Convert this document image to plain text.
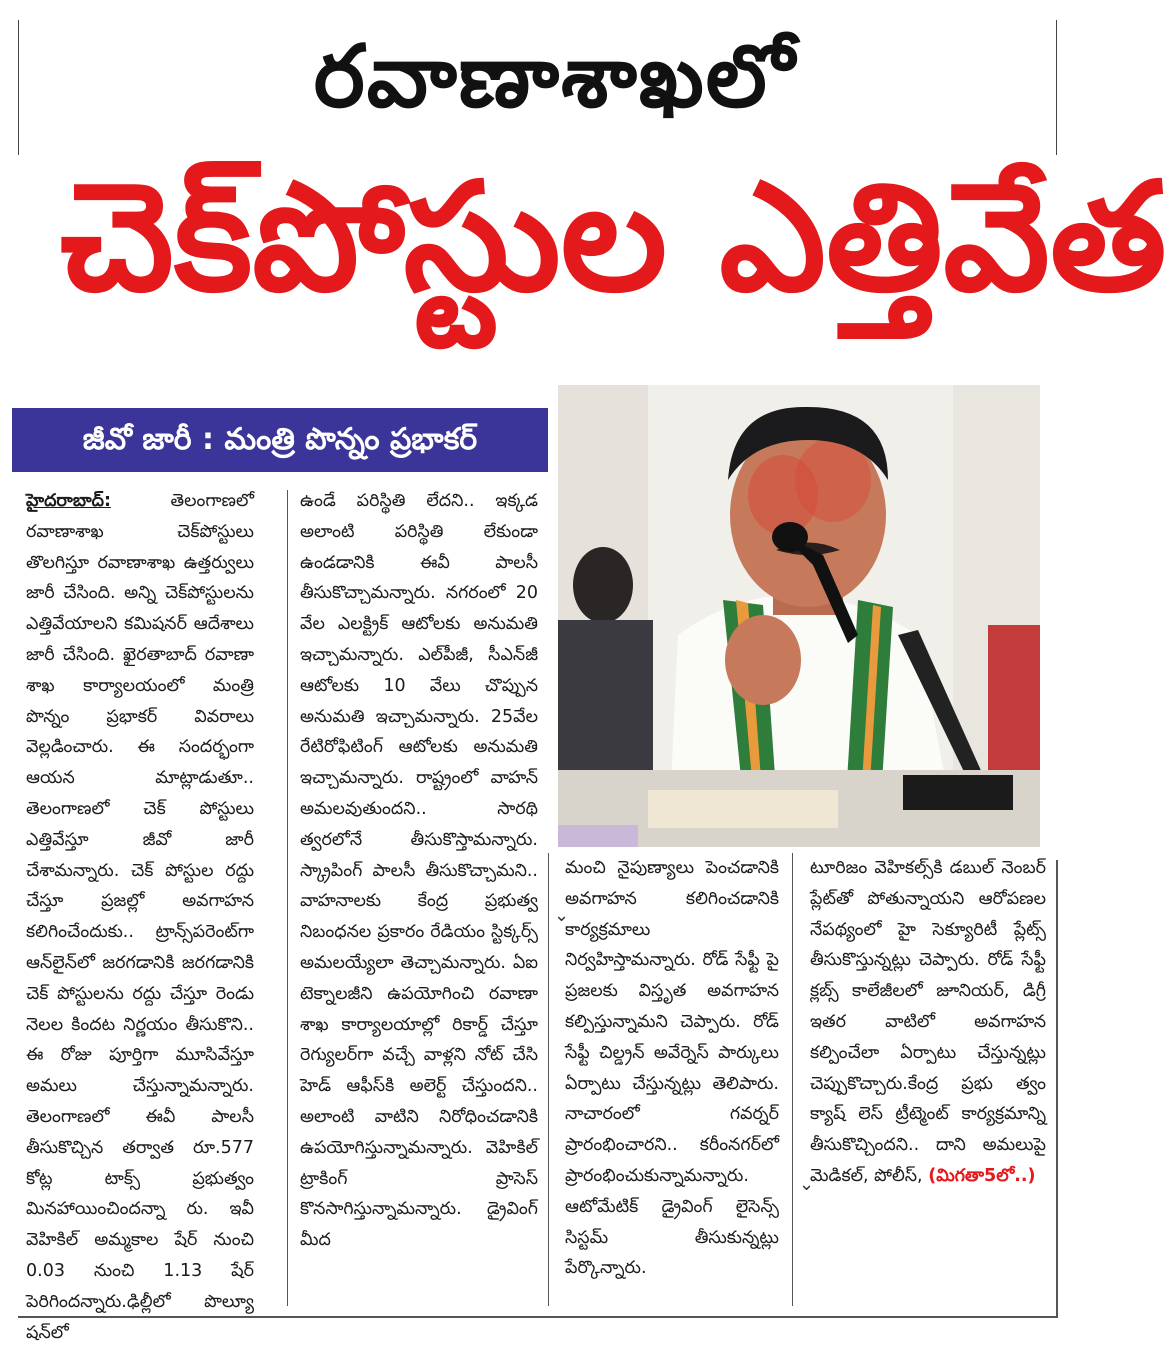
రవాణాశాఖలో
చెక్‌పోస్టుల ఎత్తివేత
జీవో జారీ : మంత్రి పొన్నం ప్రభాకర్
హైదరాబాద్:	తెలంగాణలో రవాణాశాఖ చెక్‌పోస్టులు తొలగిస్తూ రవాణాశాఖ ఉత్తర్వులు జారీ చేసింది. అన్ని చెక్‌పోస్టులను ఎత్తివేయాలని కమిషనర్ ఆదేశాలు జారీ చేసింది. ఖైరతాబాద్ రవాణా శాఖ కార్యాలయంలో మంత్రి పొన్నం ప్రభాకర్ వివరాలు వెల్లడించారు. ఈ సందర్భంగా ఆయన మాట్లాడుతూ.. తెలంగాణలో చెక్ పోస్టులు ఎత్తివేస్తూ జీవో జారీ చేశామన్నారు. చెక్ పోస్టుల రద్దు చేస్తూ ప్రజల్లో అవగాహన కలిగించేందుకు.. ట్రాన్స్‌పరెంట్‌గా ఆన్‌లైన్‌లో జరగడానికి జరగడానికి చెక్ పోస్టులను రద్దు చేస్తూ రెండు నెలల కిందట నిర్ణయం తీసుకొని.. ఈ రోజు పూర్తిగా మూసివేస్తూ అమలు చేస్తున్నామన్నారు. తెలంగాణలో ఈవీ పాలసీ తీసుకొచ్చిన తర్వాత రూ.577 కోట్ల టాక్స్ ప్రభుత్వం మినహాయించిందన్నా రు. ఇవీ వెహికిల్ అమ్మకాల షేర్ నుంచి 0.03 నుంచి 1.13 షేర్ పెరిగిందన్నారు.ఢిల్లీలో పొల్యూ షన్‌లో
ఉండే పరిస్థితి లేదని.. ఇక్కడ అలాంటి పరిస్థితి లేకుండా ఉండడానికి ఈవీ పాలసీ తీసుకొచ్చామన్నారు. నగరంలో 20 వేల ఎలక్ట్రిక్ ఆటోలకు అనుమతి ఇచ్చామన్నారు. ఎల్‌పీజీ, సీఎన్‌జీ ఆటోలకు 10 వేలు చొప్పున అనుమతి ఇచ్చామన్నారు. 25వేల రేటిరోఫిటింగ్ ఆటోలకు అనుమతి ఇచ్చామన్నారు. రాష్ట్రంలో వాహన్ అమలవుతుందని.. సారథి త్వరలోనే తీసుకొస్తామన్నారు. స్క్రాపింగ్ పాలసీ తీసుకొచ్చామని.. వాహనాలకు కేంద్ర ప్రభుత్వ నిబంధనల ప్రకారం రేడియం స్టిక్కర్స్ అమలయ్యేలా తెచ్చామన్నారు. ఏఐ టెక్నాలజీని ఉపయోగించి రవాణా శాఖ కార్యాలయాల్లో రికార్డ్ చేస్తూ రెగ్యులర్‌గా వచ్చే వాళ్లని నోట్ చేసి హెడ్ ఆఫీస్‌కి అలెర్ట్ చేస్తుందని.. అలాంటి వాటిని నిరోధించడానికి ఉపయోగిస్తున్నామన్నారు. వెహికిల్ ట్రాకింగ్ ప్రాసెస్ కొనసాగిస్తున్నామన్నారు. డ్రైవింగ్ మీద
మంచి నైపుణ్యాలు పెంచడానికి అవగాహన కలిగించడానికి కార్యక్రమాలు నిర్వహిస్తామన్నారు. రోడ్ సేఫ్టీ పై ప్రజలకు విస్తృత అవగాహన కల్పిస్తున్నామని చెప్పారు. రోడ్ సేఫ్టీ చిల్డ్రన్ అవేర్నెస్ పార్కులు ఏర్పాటు చేస్తున్నట్లు తెలిపారు. నాచారంలో గవర్నర్ ప్రారంభించారని.. కరీంనగర్‌లో ప్రారంభించుకున్నామన్నారు. ఆటోమేటిక్ డ్రైవింగ్ లైసెన్స్ సిస్టమ్ తీసుకున్నట్లు పేర్కొన్నారు.
టూరిజం వెహికల్స్‌కి డబుల్ నెంబర్ ప్లేట్‌తో పోతున్నాయని ఆరోపణల నేపథ్యంలో హై సెక్యూరిటీ ప్లేట్స్ తీసుకొస్తున్నట్లు చెప్పారు. రోడ్ సేఫ్టీ క్లబ్స్ కాలేజీలలో జూనియర్, డిగ్రీ ఇతర వాటిలో అవగాహన కల్పించేలా ఏర్పాటు చేస్తున్నట్లు చెప్పుకొచ్చారు.కేంద్ర ప్రభు త్వం క్యాష్ లెస్ ట్రీట్మెంట్ కార్యక్రమాన్ని తీసుకొచ్చిందని.. దాని అమలుపై మెడికల్, పోలీస్, (మిగతా5లో..)
⌄
⌄
